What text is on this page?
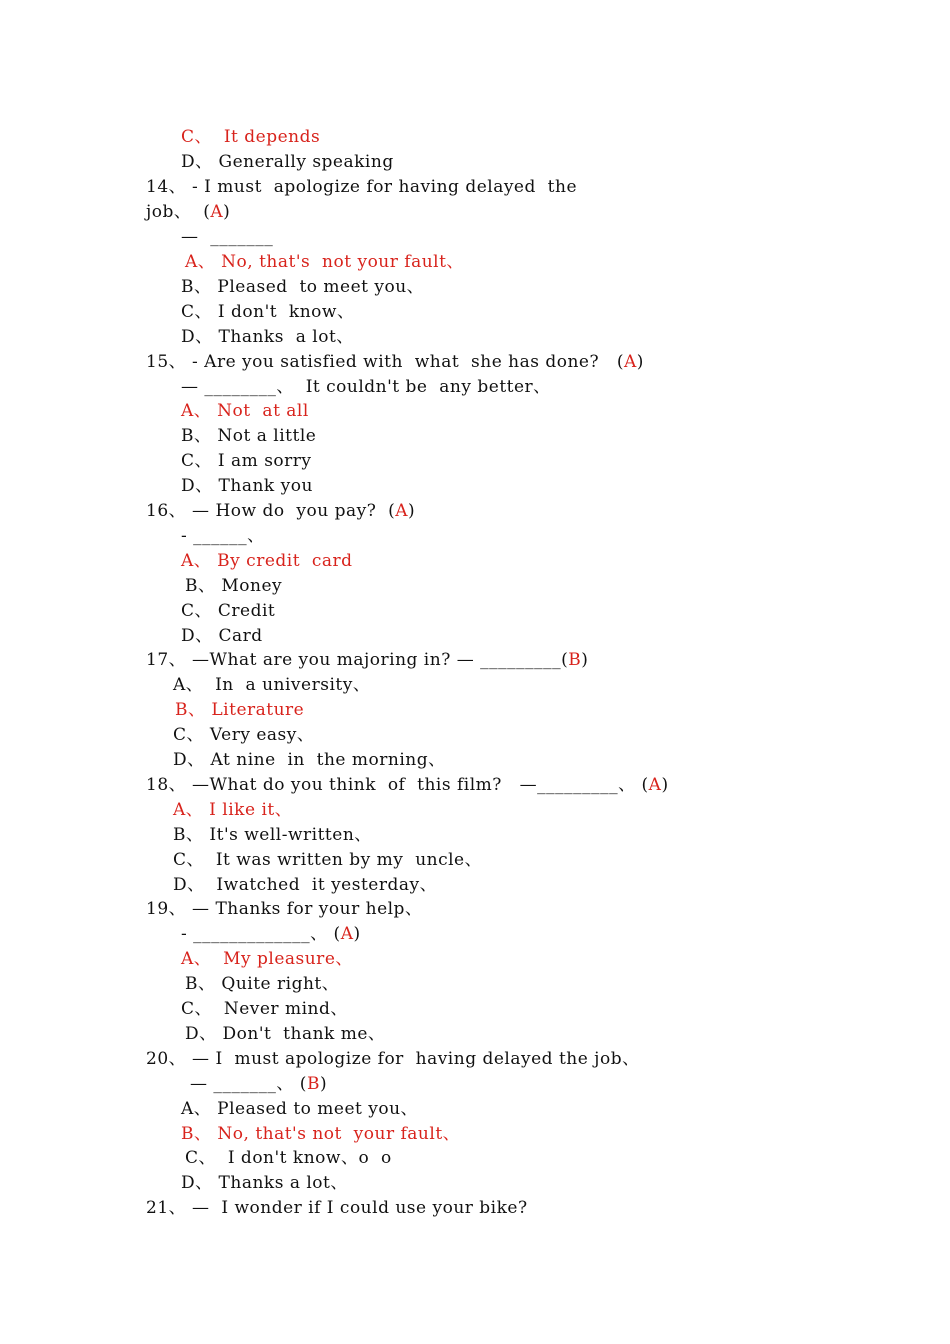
C、  It depends
D、 Generally speaking
14、 - I must  apologize for having delayed  the
job、  (A)
—  _______
A、 No, that's  not your fault、
B、 Pleased  to meet you、
C、 I don't  know、
D、 Thanks  a lot、
15、 - Are you satisfied with  what  she has done?   (A)
— ________、  It couldn't be  any better、
A、 Not  at all
B、 Not a little
C、 I am sorry
D、 Thank you
16、 — How do  you pay?  (A)
- ______、
A、 By credit  card
B、 Money
C、 Credit
D、 Card
17、 —What are you majoring in? — _________(B)
A、  In  a university、
B、 Literature
C、 Very easy、
D、 At nine  in  the morning、
18、 —What do you think  of  this film?   —_________、 (A)
A、 I like it、
B、 It's well-written、
C、  It was written by my  uncle、
D、  Iwatched  it yesterday、
19、 — Thanks for your help、
- _____________、 (A)
A、  My pleasure、
B、 Quite right、
C、  Never mind、
D、 Don't  thank me、
20、 — I  must apologize for  having delayed the job、
— _______、 (B)
A、 Pleased to meet you、
B、 No, that's not  your fault、
C、  I don't know、o  o
D、 Thanks a lot、
21、 —  I wonder if I could use your bike?
